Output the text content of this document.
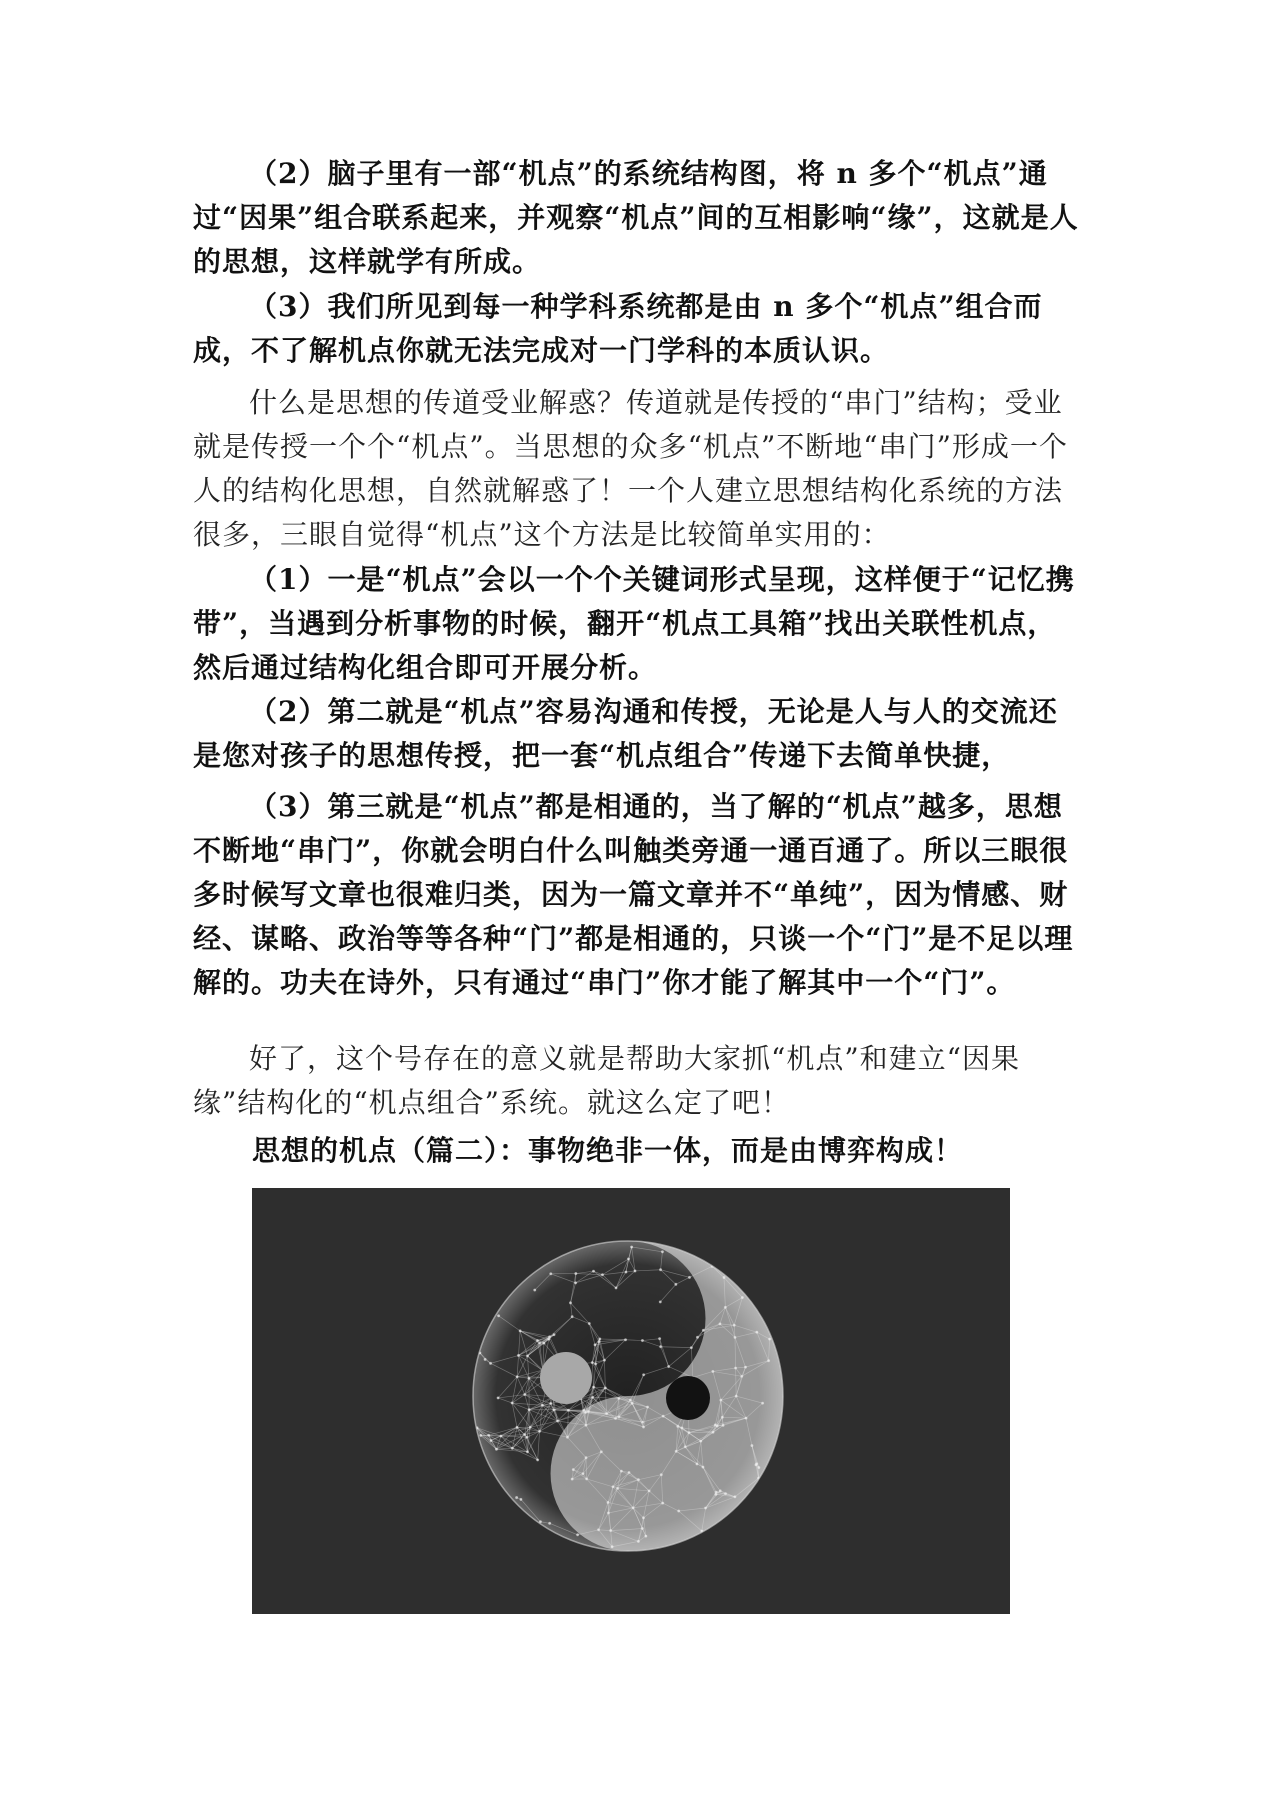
（2）脑子里有一部“机点”的系统结构图，将 n 多个“机点”通过“因果”组合联系起来，并观察“机点”间的互相影响“缘”，这就是人的思想，这样就学有所成。

（3）我们所见到每一种学科系统都是由 n 多个“机点”组合而成，不了解机点你就无法完成对一门学科的本质认识。

什么是思想的传道受业解惑？传道就是传授的“串门”结构；受业就是传授一个个“机点”。当思想的众多“机点”不断地“串门”形成一个人的结构化思想，自然就解惑了！一个人建立思想结构化系统的方法很多，三眼自觉得“机点”这个方法是比较简单实用的：

（1）一是“机点”会以一个个关键词形式呈现，这样便于“记忆携带”，当遇到分析事物的时候，翻开“机点工具箱”找出关联性机点，然后通过结构化组合即可开展分析。

（2）第二就是“机点”容易沟通和传授，无论是人与人的交流还是您对孩子的思想传授，把一套“机点组合”传递下去简单快捷，

（3）第三就是“机点”都是相通的，当了解的“机点”越多，思想不断地“串门”，你就会明白什么叫触类旁通一通百通了。所以三眼很多时候写文章也很难归类，因为一篇文章并不“单纯”，因为情感、财经、谋略、政治等等各种“门”都是相通的，只谈一个“门”是不足以理解的。功夫在诗外，只有通过“串门”你才能了解其中一个“门”。

好了，这个号存在的意义就是帮助大家抓“机点”和建立“因果缘”结构化的“机点组合”系统。就这么定了吧！

思想的机点（篇二）：事物绝非一体，而是由博弈构成！
